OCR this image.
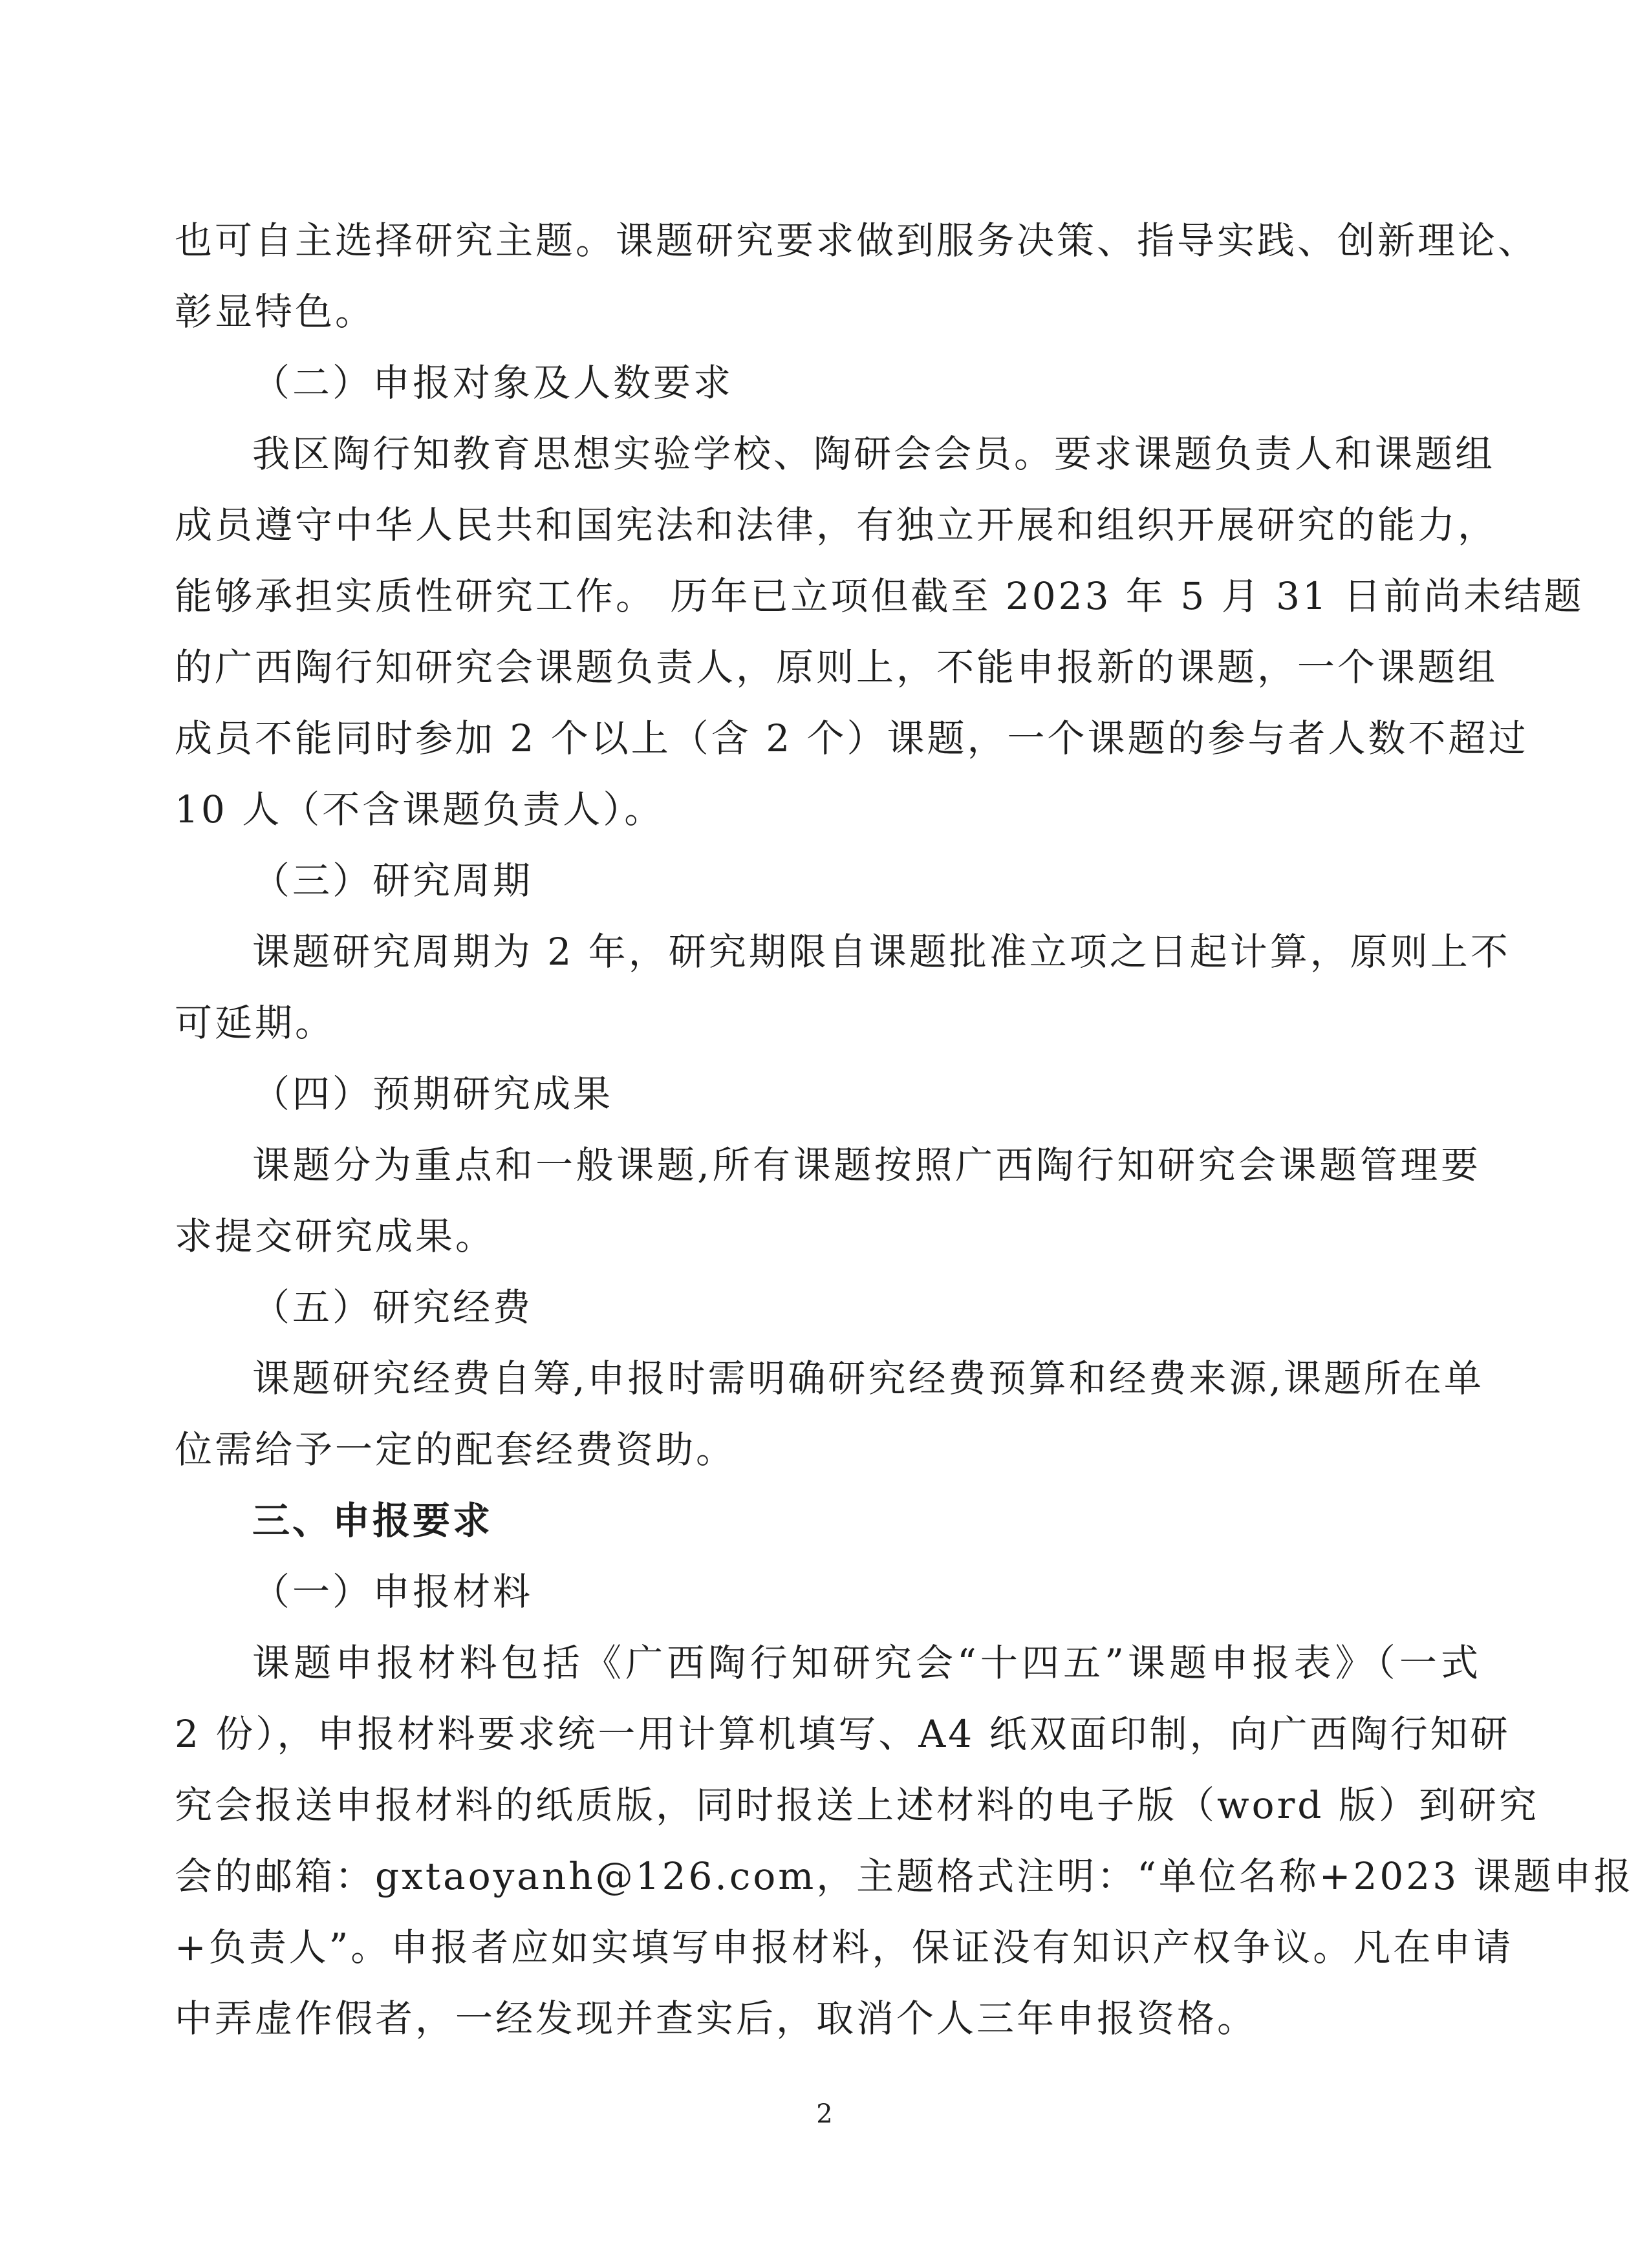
也可自主选择研究主题。课题研究要求做到服务决策、指导实践、创新理论、
彰显特色。
（二）申报对象及人数要求
我区陶行知教育思想实验学校、陶研会会员。要求课题负责人和课题组
成员遵守中华人民共和国宪法和法律，有独立开展和组织开展研究的能力，
能够承担实质性研究工作。 历年已立项但截至 2023 年 5 月 31 日前尚未结题
的广西陶行知研究会课题负责人，原则上，不能申报新的课题，一个课题组
成员不能同时参加 2 个以上（含 2 个）课题，一个课题的参与者人数不超过
10 人（不含课题负责人）。
（三）研究周期
课题研究周期为 2 年，研究期限自课题批准立项之日起计算，原则上不
可延期。
（四）预期研究成果
课题分为重点和一般课题,所有课题按照广西陶行知研究会课题管理要
求提交研究成果。
（五）研究经费
课题研究经费自筹,申报时需明确研究经费预算和经费来源,课题所在单
位需给予一定的配套经费资助。
三、申报要求
（一）申报材料
课题申报材料包括《广西陶行知研究会“十四五”课题申报表》（一式
2 份），申报材料要求统一用计算机填写、A4 纸双面印制，向广西陶行知研
究会报送申报材料的纸质版，同时报送上述材料的电子版（word 版）到研究
会的邮箱：gxtaoyanh@126.com，主题格式注明：“单位名称+2023 课题申报
+负责人”。申报者应如实填写申报材料，保证没有知识产权争议。凡在申请
中弄虚作假者，一经发现并查实后，取消个人三年申报资格。
2
